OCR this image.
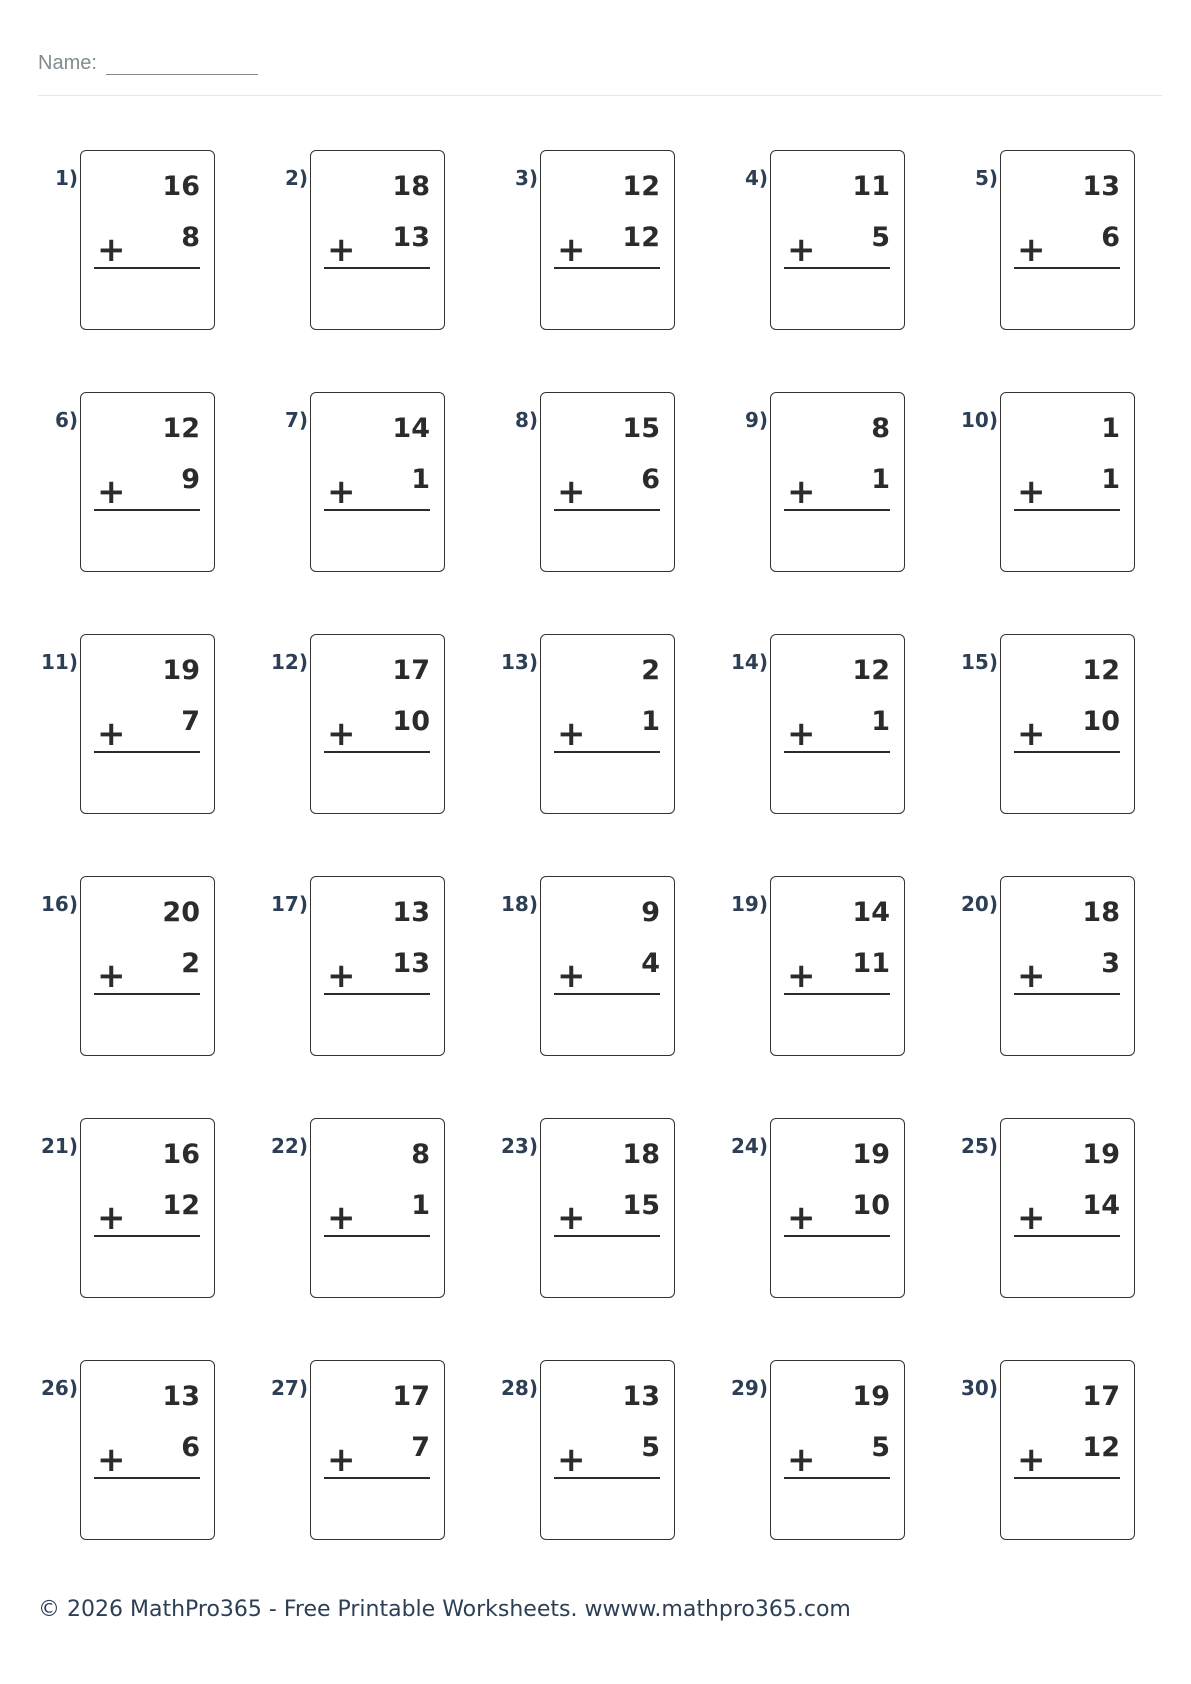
Name:
1)	16
8
+
2)	18
13
+
3)	12
12
+
4)	11
5
+
5)	13
6
+
6)	12
9
+
7)	14
1
+
8)	15
6
+
9)	8
1
+
10)	1
1
+
11)	19
7
+
12)	17
10
+
13)	2
1
+
14)	12
1
+
15)	12
10
+
16)	20
2
+
17)	13
13
+
18)	9
4
+
19)	14
11
+
20)	18
3
+
21)	16
12
+
22)	8
1
+
23)	18
15
+
24)	19
10
+
25)	19
14
+
26)	13
6
+
27)	17
7
+
28)	13
5
+
29)	19
5
+
30)	17
12
+
© 2026 MathPro365 - Free Printable Worksheets. wwww.mathpro365.com
